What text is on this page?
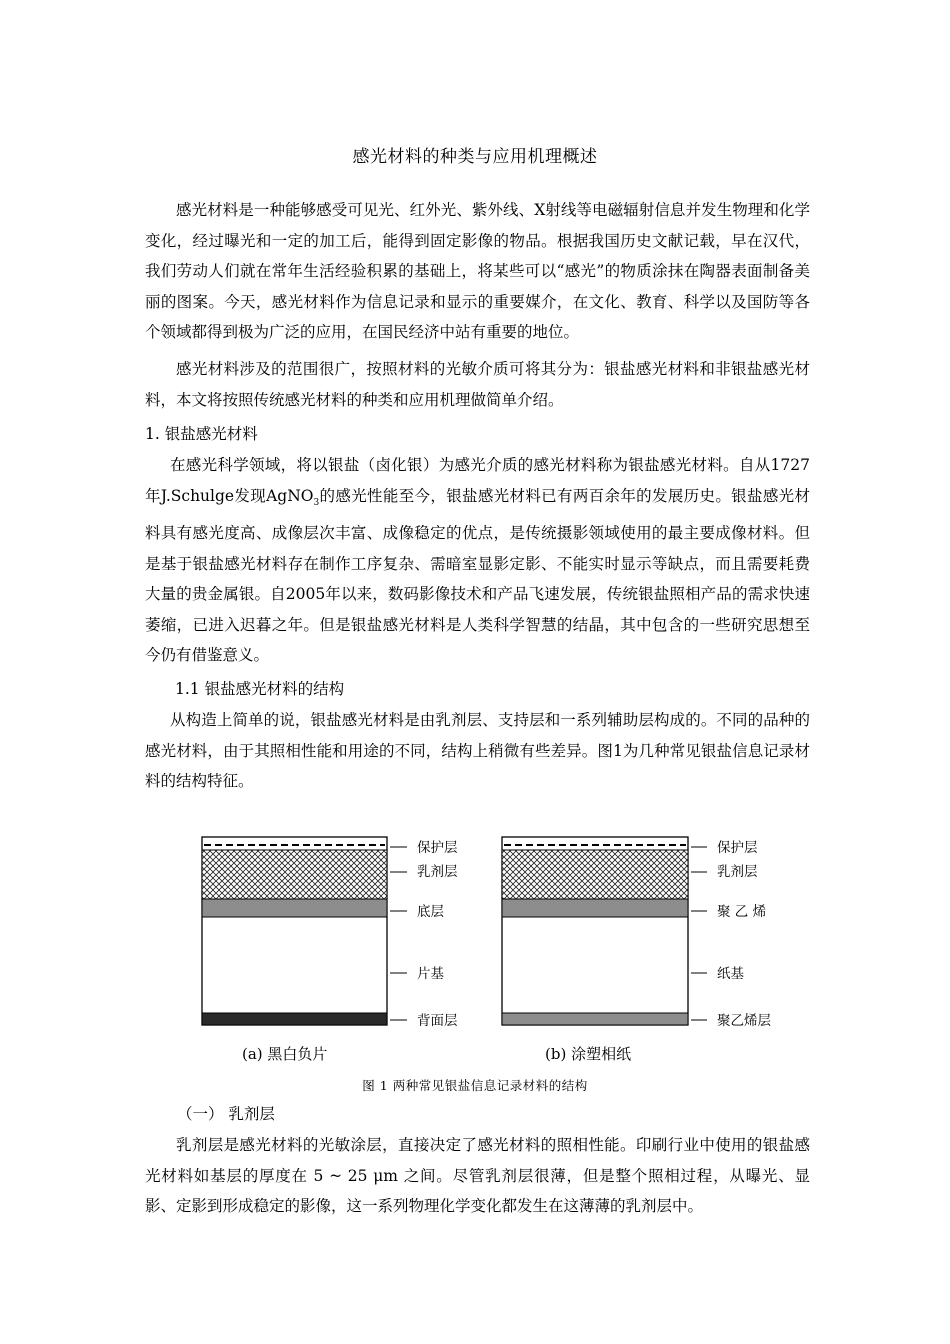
感光材料的种类与应用机理概述

感光材料是一种能够感受可见光、红外光、紫外线、X射线等电磁辐射信息并发生物理和化学变化，经过曝光和一定的加工后，能得到固定影像的物品。根据我国历史文献记载，早在汉代，我们劳动人们就在常年生活经验积累的基础上，将某些可以“感光”的物质涂抹在陶器表面制备美丽的图案。今天，感光材料作为信息记录和显示的重要媒介，在文化、教育、科学以及国防等各个领域都得到极为广泛的应用，在国民经济中站有重要的地位。

感光材料涉及的范围很广，按照材料的光敏介质可将其分为：银盐感光材料和非银盐感光材料，本文将按照传统感光材料的种类和应用机理做简单介绍。

1. 银盐感光材料

在感光科学领域，将以银盐（卤化银）为感光介质的感光材料称为银盐感光材料。自从1727年J.Schulge发现AgNO$_3$的感光性能至今，银盐感光材料已有两百余年的发展历史。银盐感光材料具有感光度高、成像层次丰富、成像稳定的优点，是传统摄影领域使用的最主要成像材料。但是基于银盐感光材料存在制作工序复杂、需暗室显影定影、不能实时显示等缺点，而且需要耗费大量的贵金属银。自2005年以来，数码影像技术和产品飞速发展，传统银盐照相产品的需求快速萎缩，已进入迟暮之年。但是银盐感光材料是人类科学智慧的结晶，其中包含的一些研究思想至今仍有借鉴意义。

1.1 银盐感光材料的结构

从构造上简单的说，银盐感光材料是由乳剂层、支持层和一系列辅助层构成的。不同的品种的感光材料，由于其照相性能和用途的不同，结构上稍微有些差异。图1为几种常见银盐信息记录材料的结构特征。

保护层
乳剂层
底层
片基
背面层
保护层
乳剂层
聚 乙 烯
纸基
聚乙烯层
(a) 黑白负片	(b) 涂塑相纸
图 1 两种常见银盐信息记录材料的结构

（一） 乳剂层

乳剂层是感光材料的光敏涂层，直接决定了感光材料的照相性能。印刷行业中使用的银盐感光材料如基层的厚度在 5 ~ 25 μm 之间。尽管乳剂层很薄，但是整个照相过程，从曝光、显影、定影到形成稳定的影像，这一系列物理化学变化都发生在这薄薄的乳剂层中。
